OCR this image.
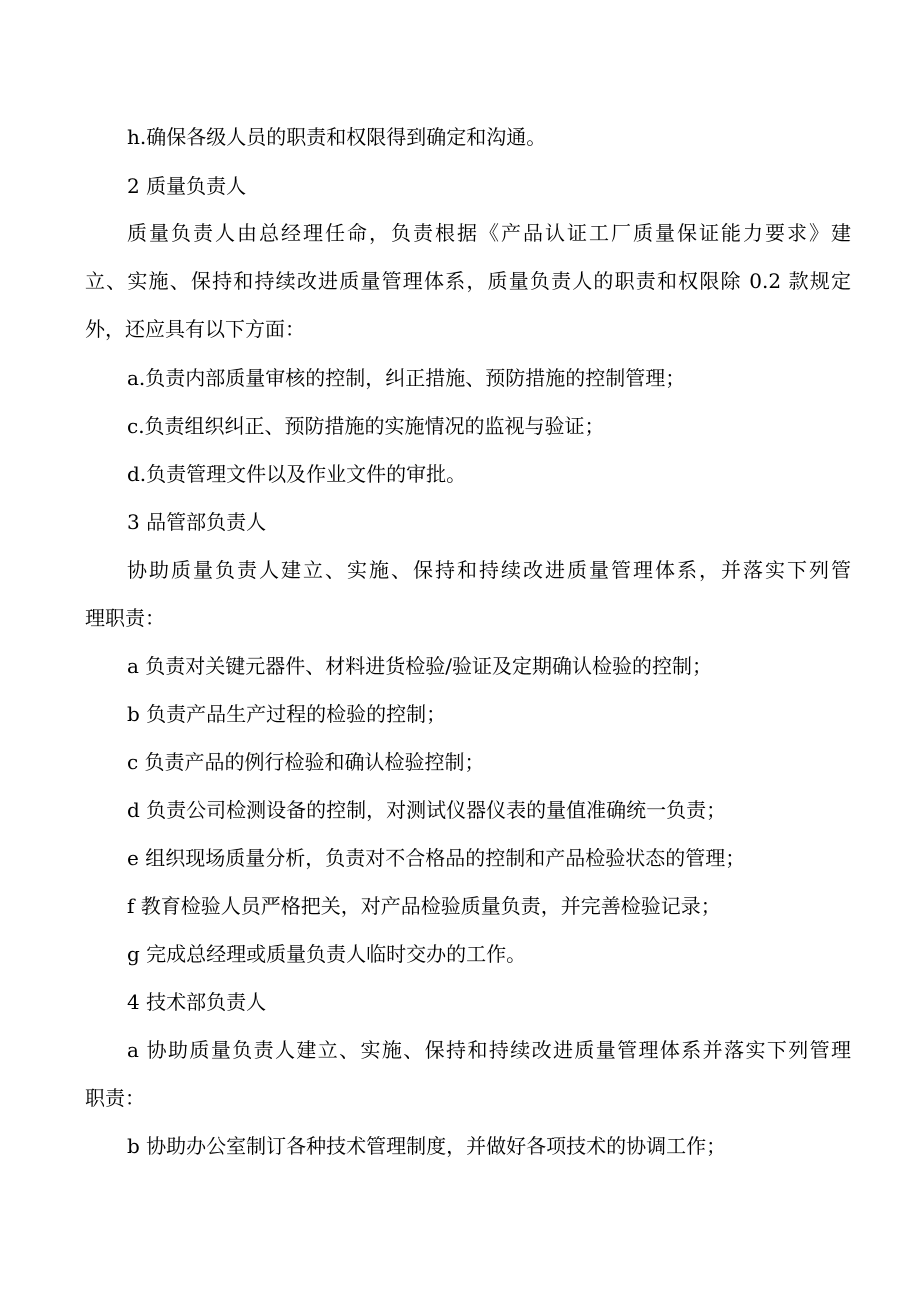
h.确保各级人员的职责和权限得到确定和沟通。
2 质量负责人
质量负责人由总经理任命，负责根据《产品认证工厂质量保证能力要求》建
立、实施、保持和持续改进质量管理体系，质量负责人的职责和权限除 0.2 款规定
外，还应具有以下方面：
a.负责内部质量审核的控制，纠正措施、预防措施的控制管理；
c.负责组织纠正、预防措施的实施情况的监视与验证；
d.负责管理文件以及作业文件的审批。
3 品管部负责人
协助质量负责人建立、实施、保持和持续改进质量管理体系，并落实下列管
理职责：
a 负责对关键元器件、材料进货检验/验证及定期确认检验的控制；
b 负责产品生产过程的检验的控制；
c 负责产品的例行检验和确认检验控制；
d 负责公司检测设备的控制，对测试仪器仪表的量值准确统一负责；
e 组织现场质量分析，负责对不合格品的控制和产品检验状态的管理；
f 教育检验人员严格把关，对产品检验质量负责，并完善检验记录；
g 完成总经理或质量负责人临时交办的工作。
4 技术部负责人
a 协助质量负责人建立、实施、保持和持续改进质量管理体系并落实下列管理
职责：
b 协助办公室制订各种技术管理制度，并做好各项技术的协调工作；
